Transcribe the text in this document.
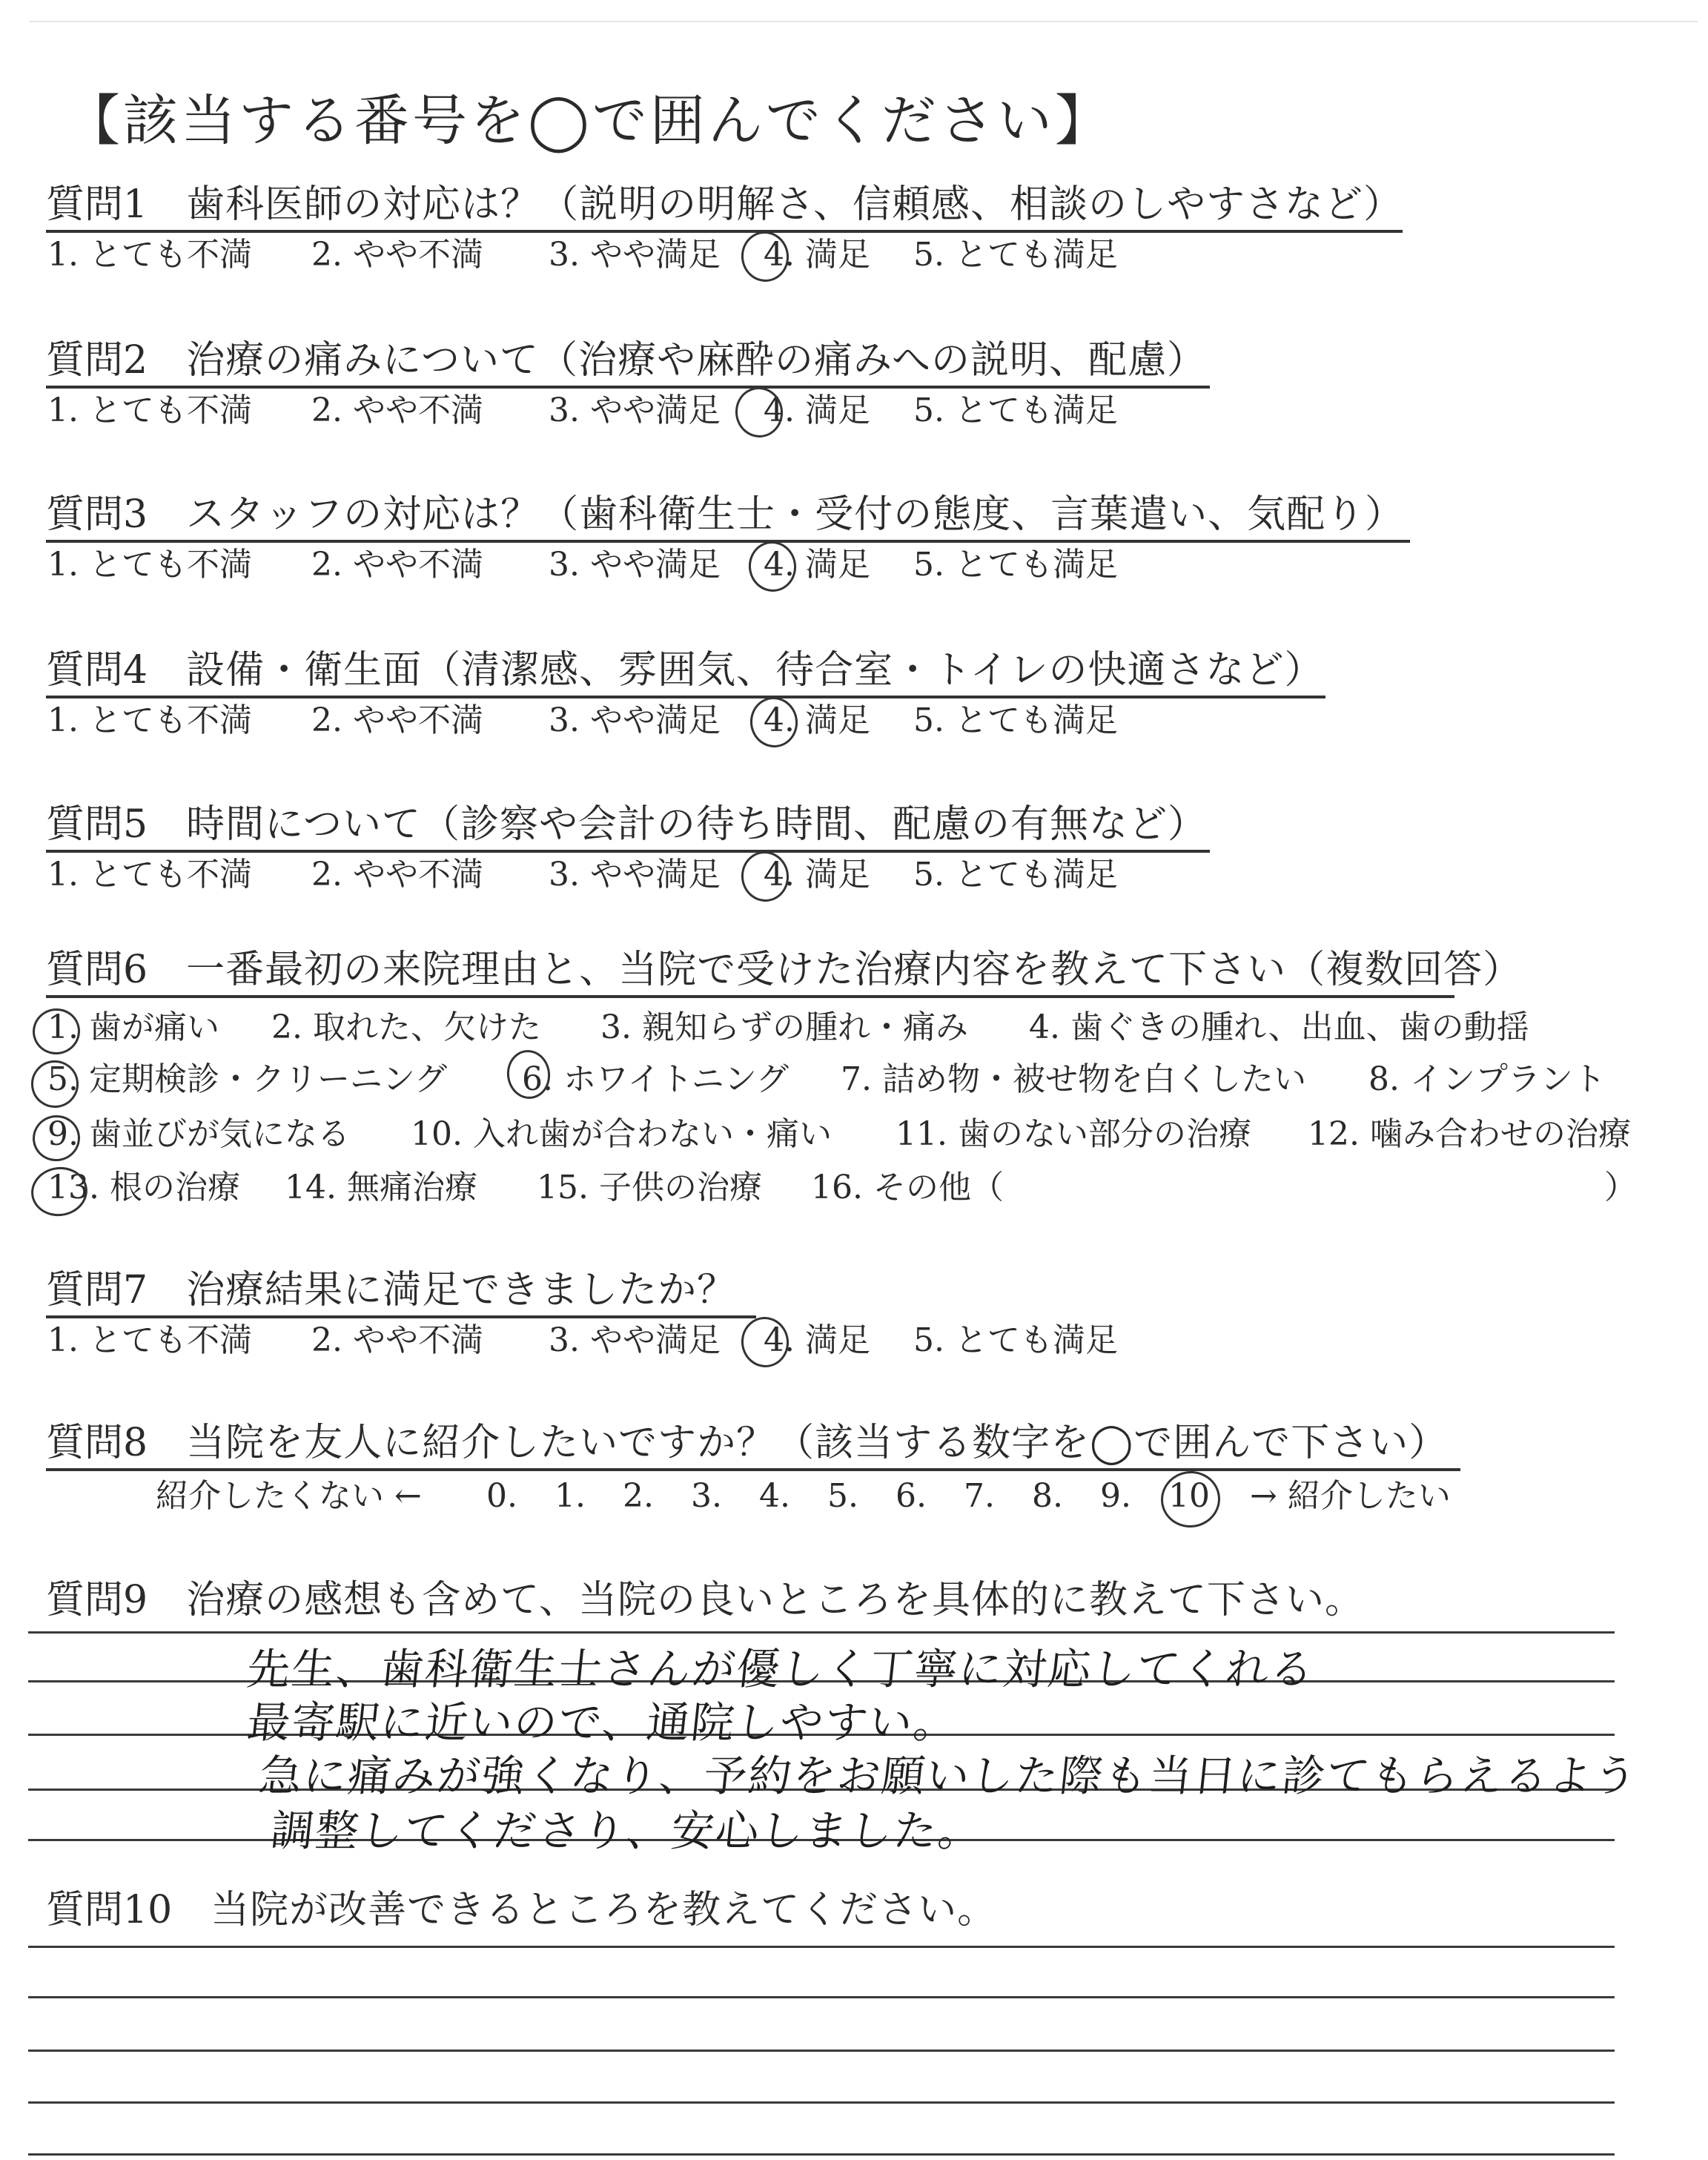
【該当する番号を◯で囲んでください】
質問1 歯科医師の対応は？（説明の明解さ、信頼感、相談のしやすさなど）
1. とても不満 2. やや不満 3. やや満足 4. 満足 5. とても満足
質問2 治療の痛みについて（治療や麻酔の痛みへの説明、配慮）
1. とても不満 2. やや不満 3. やや満足 4. 満足 5. とても満足
質問3 スタッフの対応は？（歯科衛生士・受付の態度、言葉遣い、気配り）
1. とても不満 2. やや不満 3. やや満足 4. 満足 5. とても満足
質問4 設備・衛生面（清潔感、雰囲気、待合室・トイレの快適さなど）
1. とても不満 2. やや不満 3. やや満足 4. 満足 5. とても満足
質問5 時間について（診察や会計の待ち時間、配慮の有無など）
1. とても不満 2. やや不満 3. やや満足 4. 満足 5. とても満足
質問6 一番最初の来院理由と、当院で受けた治療内容を教えて下さい（複数回答）
1. 歯が痛い 2. 取れた、欠けた 3. 親知らずの腫れ・痛み 4. 歯ぐきの腫れ、出血、歯の動揺
5. 定期検診・クリーニング 6. ホワイトニング 7. 詰め物・被せ物を白くしたい 8. インプラント
9. 歯並びが気になる 10. 入れ歯が合わない・痛い 11. 歯のない部分の治療 12. 噛み合わせの治療
13. 根の治療 14. 無痛治療 15. 子供の治療 16. その他（	）
質問7 治療結果に満足できましたか？
1. とても不満 2. やや不満 3. やや満足 4. 満足 5. とても満足
質問8 当院を友人に紹介したいですか？（該当する数字を◯で囲んで下さい）
紹介したくない ← 0. 1. 2. 3. 4. 5. 6. 7. 8. 9. 10 → 紹介したい
質問9 治療の感想も含めて、当院の良いところを具体的に教えて下さい。
先生、歯科衛生士さんが優しく丁寧に対応してくれる
最寄駅に近いので、通院しやすい。
急に痛みが強くなり、予約をお願いした際も当日に診てもらえるよう
調整してくださり、安心しました。
質問10 当院が改善できるところを教えてください。
